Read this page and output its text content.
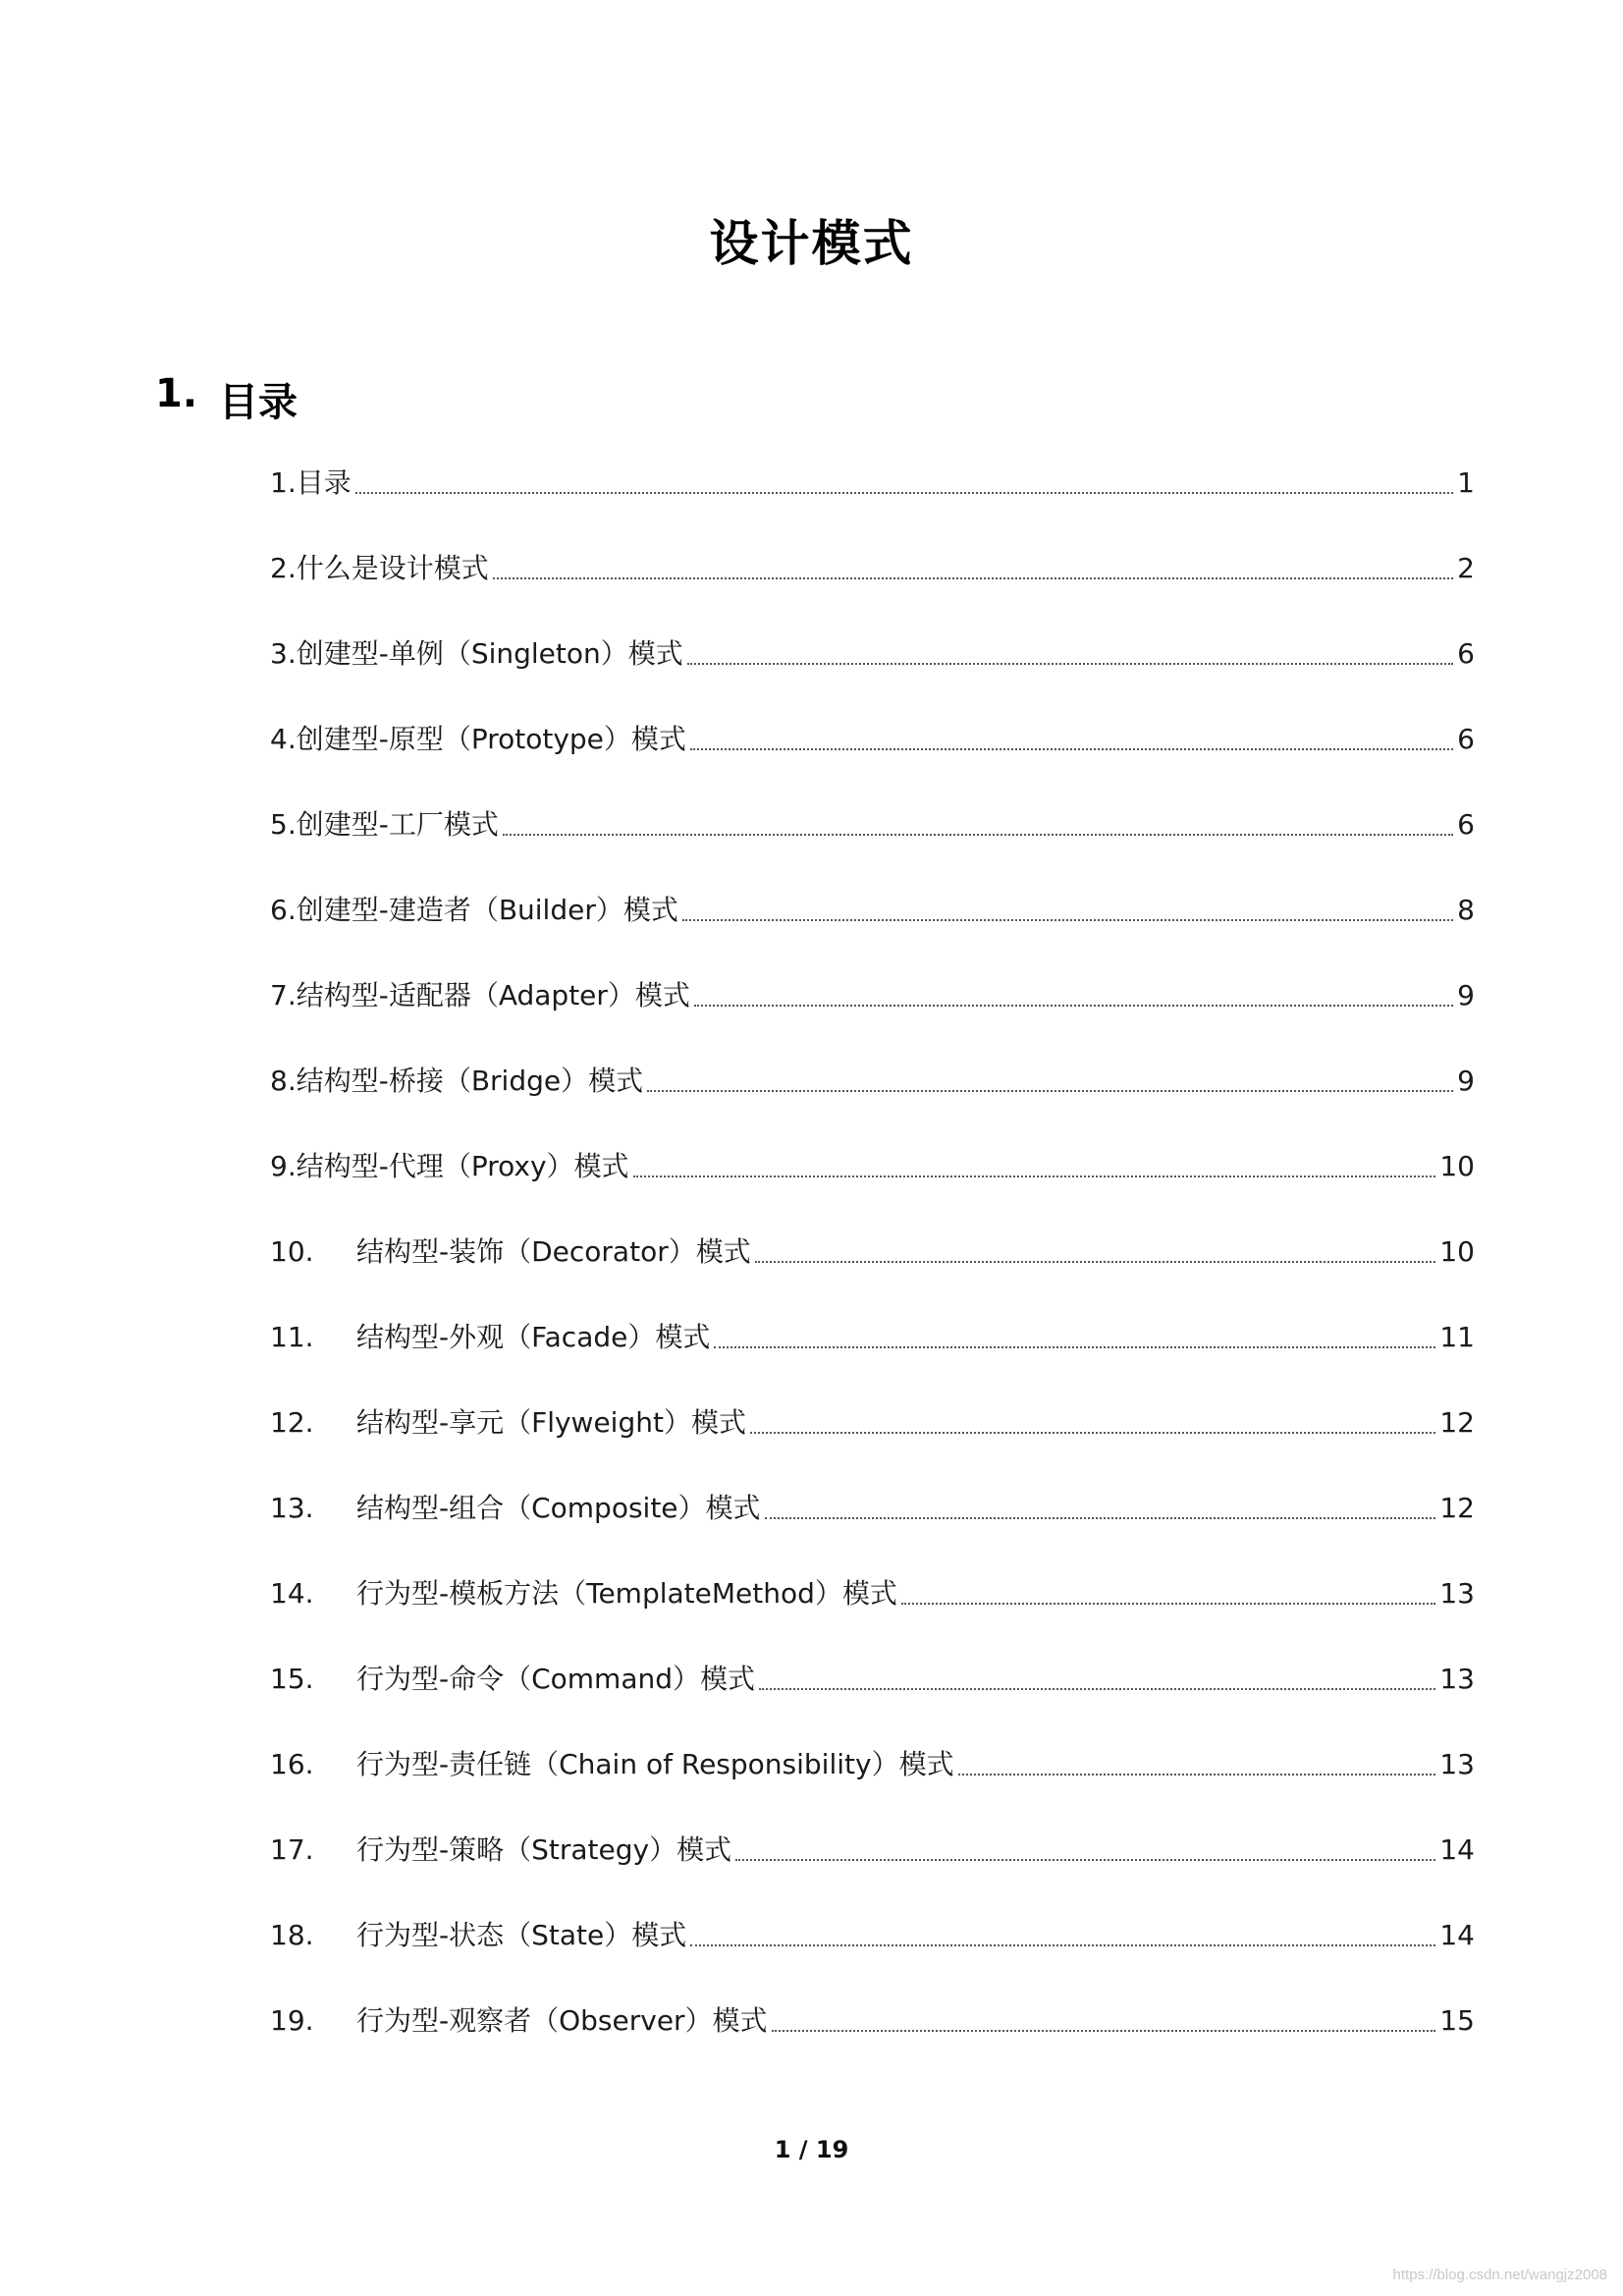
设计模式
1. 目录
1. 目录	1
2. 什么是设计模式	2
3. 创建型-单例（Singleton）模式	6
4. 创建型-原型（Prototype）模式	6
5. 创建型-工厂模式	6
6. 创建型-建造者（Builder）模式	8
7. 结构型-适配器（Adapter）模式	9
8. 结构型-桥接（Bridge）模式	9
9. 结构型-代理（Proxy）模式	10
10.	结构型-装饰（Decorator）模式	10
11.	结构型-外观（Facade）模式	11
12.	结构型-享元（Flyweight）模式	12
13.	结构型-组合（Composite）模式	12
14.	行为型-模板方法（TemplateMethod）模式	13
15.	行为型-命令（Command）模式	13
16.	行为型-责任链（Chain of Responsibility）模式	13
17.	行为型-策略（Strategy）模式	14
18.	行为型-状态（State）模式	14
19.	行为型-观察者（Observer）模式	15
1 / 19
https://blog.csdn.net/wangjz2008
